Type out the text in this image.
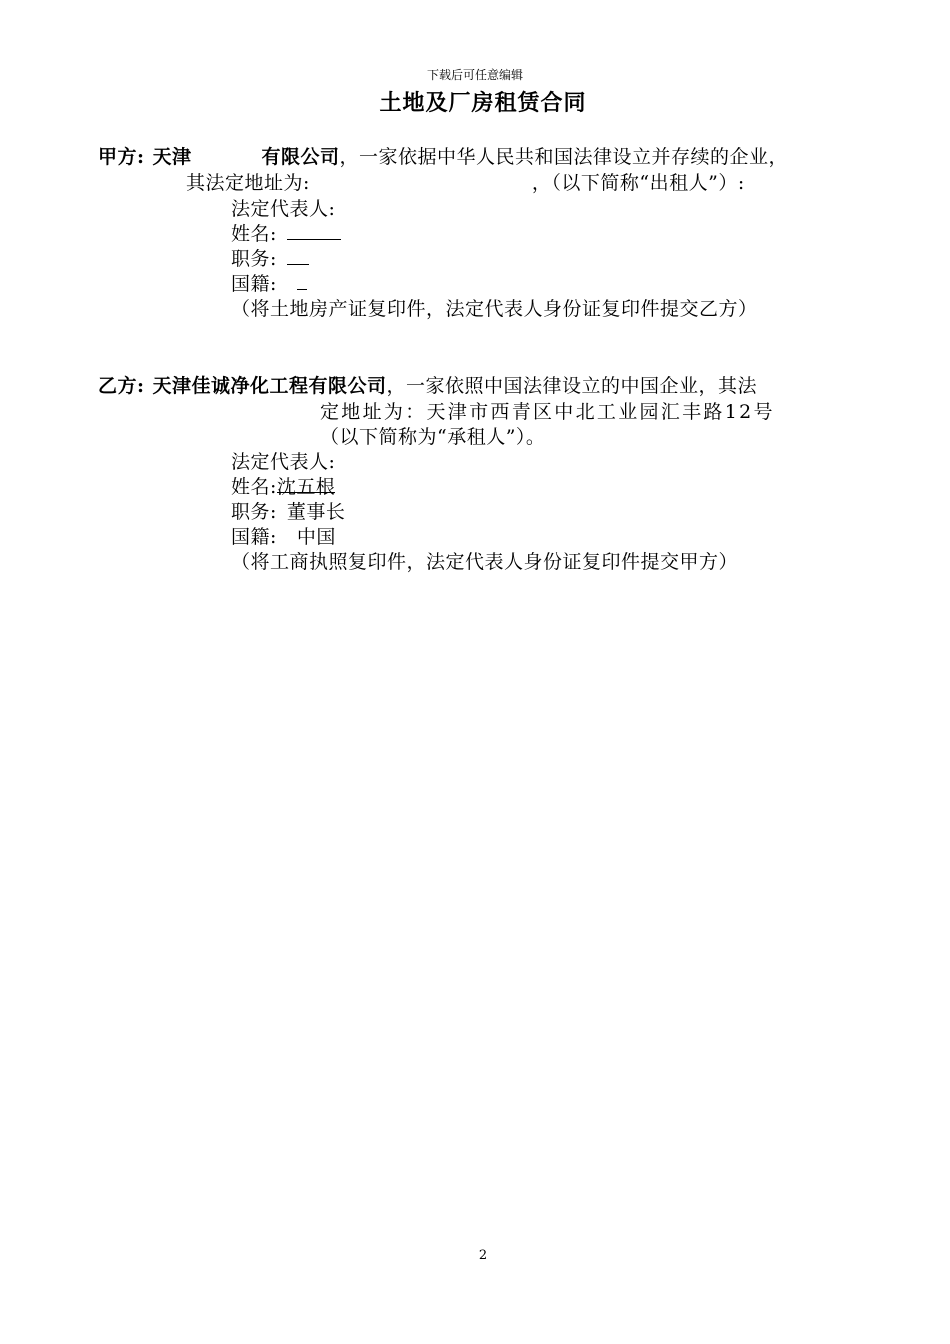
下载后可任意编辑
土地及厂房租赁合同
甲方: 天津	有限公司，一家依据中华人民共和国法律设立并存续的企业，
其法定地址为:	，（以下简称“出租人”）:
法定代表人:
姓名:
职务:
国籍:
（将土地房产证复印件，法定代表人身份证复印件提交乙方）
乙方: 天津佳诚净化工程有限公司，一家依照中国法律设立的中国企业，其法
定地址为：天津市西青区中北工业园汇丰路12号
（以下简称为“承租人”）。
法定代表人:
姓名:沈五根
职务: 董事长
国籍: 中国
（将工商执照复印件，法定代表人身份证复印件提交甲方）
2
